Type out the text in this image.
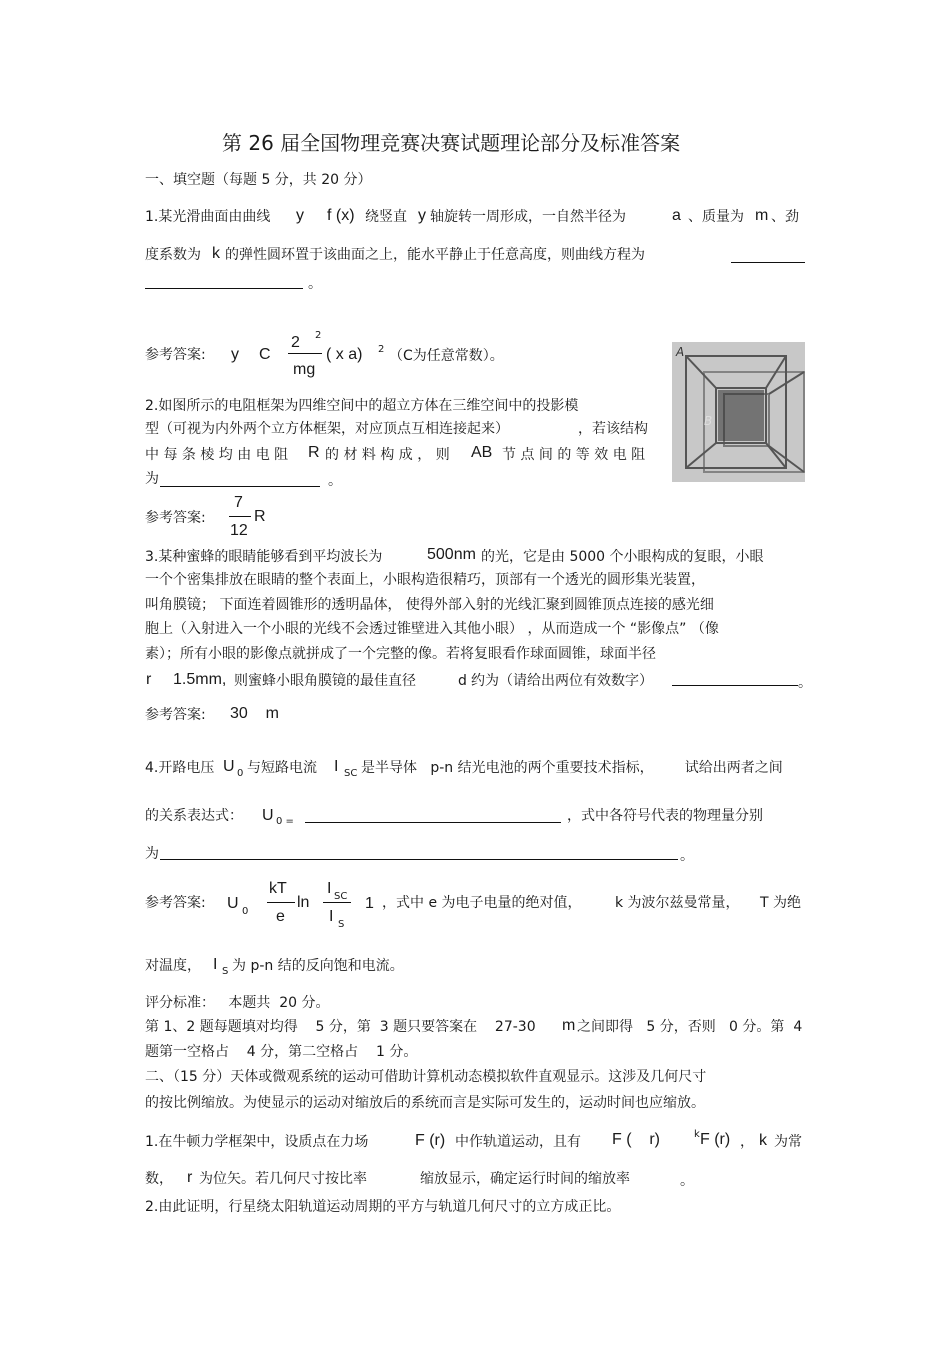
第 26 届全国物理竞赛决赛试题理论部分及标准答案
一、填空题（每题 5 分，共 20 分）
1.某光滑曲面由曲线 y f (x) 绕竖直 y 轴旋转一周形成，一自然半径为	a 、质量为 m 、劲
度系数为 k 的弹性圆环置于该曲面之上，能水平静止于任意高度，则曲线方程为
。
参考答案: y C
2 2
mg
( x a) 2 （C为任意常数）。	A
B
2.如图所示的电阻框架为四维空间中的超立方体在三维空间中的投影模
型（可视为内外两个立方体框架，对应顶点互相连接起来）	，若该结构
中 每 条 棱 均 由 电 阻 R 的 材 料 构 成 ， 则 AB 节 点 间 的 等 效 电 阻
为	。
参考答案:
7
12
R
3.某种蜜蜂的眼睛能够看到平均波长为	500nm 的光，它是由 5000 个小眼构成的复眼，小眼
一个个密集排放在眼睛的整个表面上，小眼构造很精巧，顶部有一个透光的圆形集光装置，
叫角膜镜； 下面连着圆锥形的透明晶体， 使得外部入射的光线汇聚到圆锥顶点连接的感光细
胞上（入射进入一个小眼的光线不会透过锥壁进入其他小眼） ，从而造成一个 “影像点” （像
素）；所有小眼的影像点就拼成了一个完整的像。若将复眼看作球面圆锥，球面半径
r 1.5mm, 则蜜蜂小眼角膜镜的最佳直径	d 约为（请给出两位有效数字）	。
参考答案: 30    m
4.开路电压 U 0 与短路电流 I SC 是半导体   p-n 结光电池的两个重要技术指标，       试给出两者之间
的关系表达式： U 0 =	，式中各符号代表的物理量分别
为	。
参考答案: U 0
kT
e
ln
I SC
I S
1 ，式中 e 为电子电量的绝对值， k 为波尔兹曼常量， T 为绝
对温度， I S 为 p-n 结的反向饱和电流。
评分标准：   本题共  20 分。
第 1、2 题每题填对均得    5 分，第  3 题只要答案在    27-30 m 之间即得   5 分，否则   0 分。第  4
题第一空格占    4 分，第二空格占    1 分。
二、（15 分）天体或微观系统的运动可借助计算机动态模拟软件直观显示。这涉及几何尺寸
的按比例缩放。为使显示的运动对缩放后的系统而言是实际可发生的，运动时间也应缩放。
1.在牛顿力学框架中，设质点在力场	F (r) 中作轨道运动，且有 F (    r)	k F (r) ， k 为常
数， r 为位矢。若几何尺寸按比率	缩放显示，确定运行时间的缩放率	。
2.由此证明，行星绕太阳轨道运动周期的平方与轨道几何尺寸的立方成正比。
